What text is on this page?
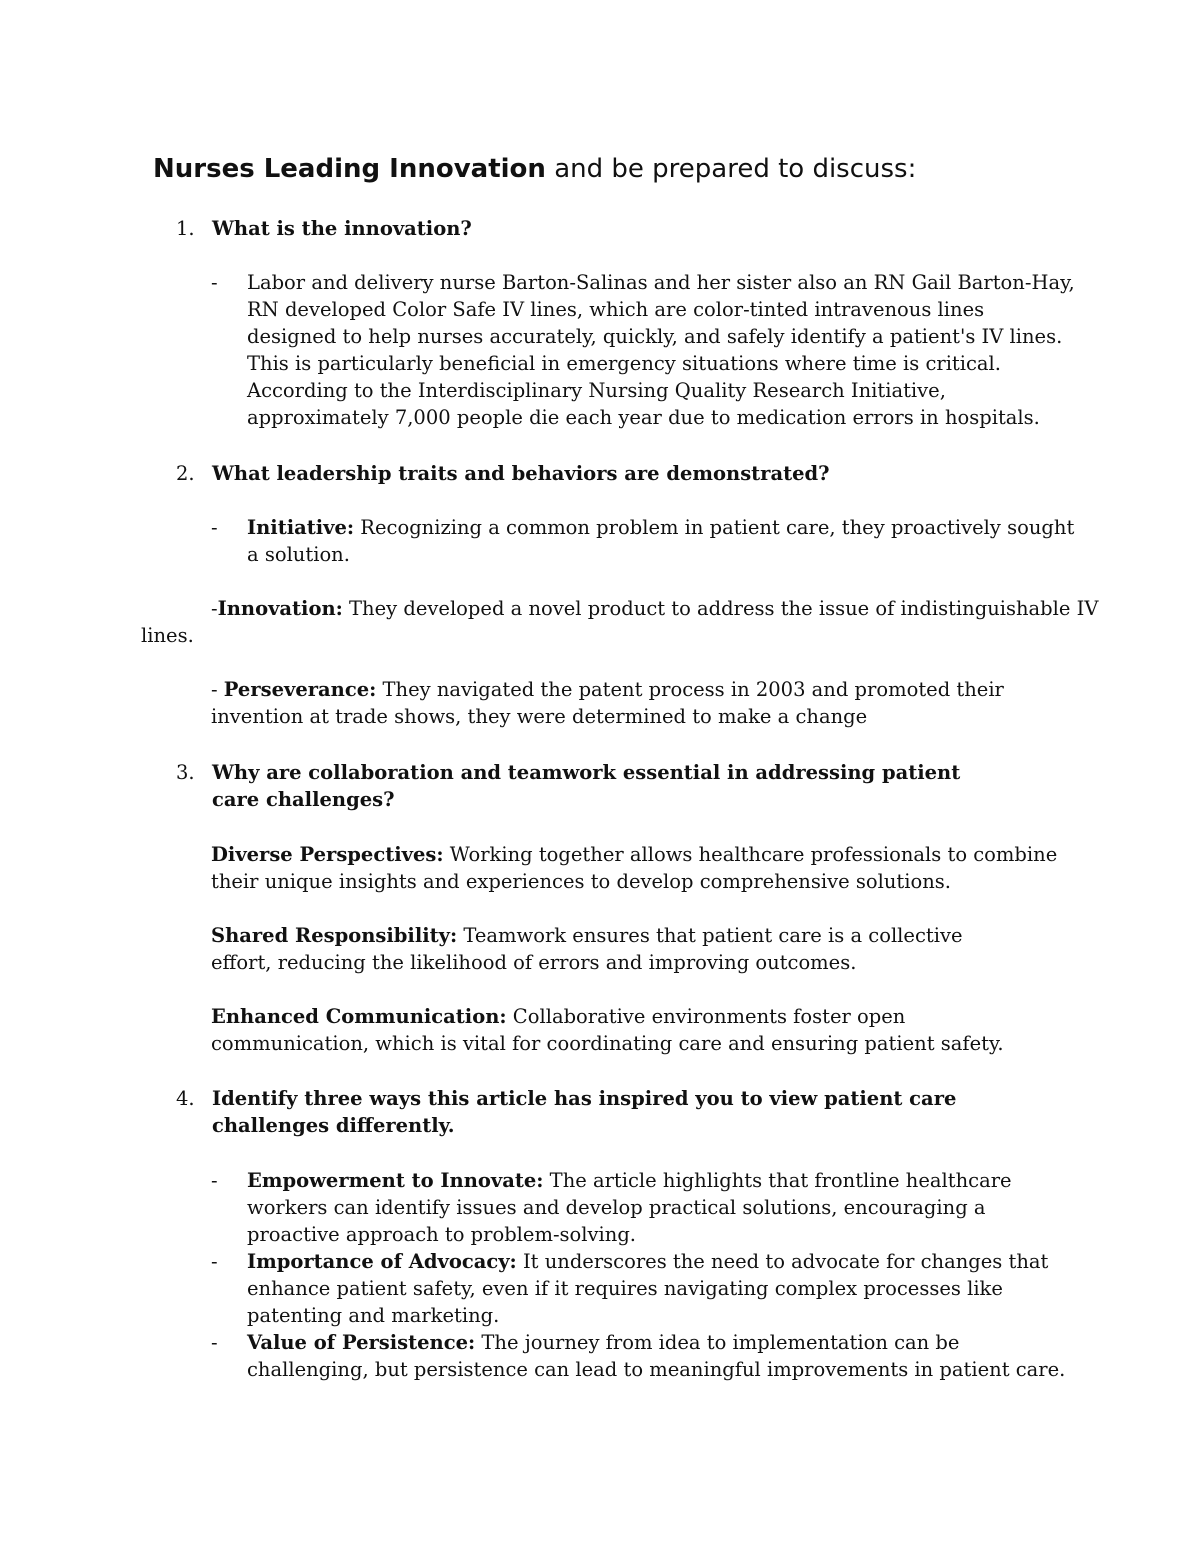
Nurses Leading Innovation and be prepared to discuss:
1. What is the innovation?
- Labor and delivery nurse Barton-Salinas and her sister also an RN Gail Barton-Hay, RN developed Color Safe IV lines, which are color-tinted intravenous lines designed to help nurses accurately, quickly, and safely identify a patient's IV lines. This is particularly beneficial in emergency situations where time is critical. According to the Interdisciplinary Nursing Quality Research Initiative, approximately 7,000 people die each year due to medication errors in hospitals.
2. What leadership traits and behaviors are demonstrated?
- Initiative: Recognizing a common problem in patient care, they proactively sought a solution.
-Innovation: They developed a novel product to address the issue of indistinguishable IV
lines.
- Perseverance: They navigated the patent process in 2003 and promoted their invention at trade shows, they were determined to make a change
3. Why are collaboration and teamwork essential in addressing patient care challenges?
Diverse Perspectives: Working together allows healthcare professionals to combine their unique insights and experiences to develop comprehensive solutions.
Shared Responsibility: Teamwork ensures that patient care is a collective effort, reducing the likelihood of errors and improving outcomes.
Enhanced Communication: Collaborative environments foster open communication, which is vital for coordinating care and ensuring patient safety.
4. Identify three ways this article has inspired you to view patient care challenges differently.
- Empowerment to Innovate: The article highlights that frontline healthcare workers can identify issues and develop practical solutions, encouraging a proactive approach to problem-solving.
- Importance of Advocacy: It underscores the need to advocate for changes that enhance patient safety, even if it requires navigating complex processes like patenting and marketing.
- Value of Persistence: The journey from idea to implementation can be challenging, but persistence can lead to meaningful improvements in patient care.
